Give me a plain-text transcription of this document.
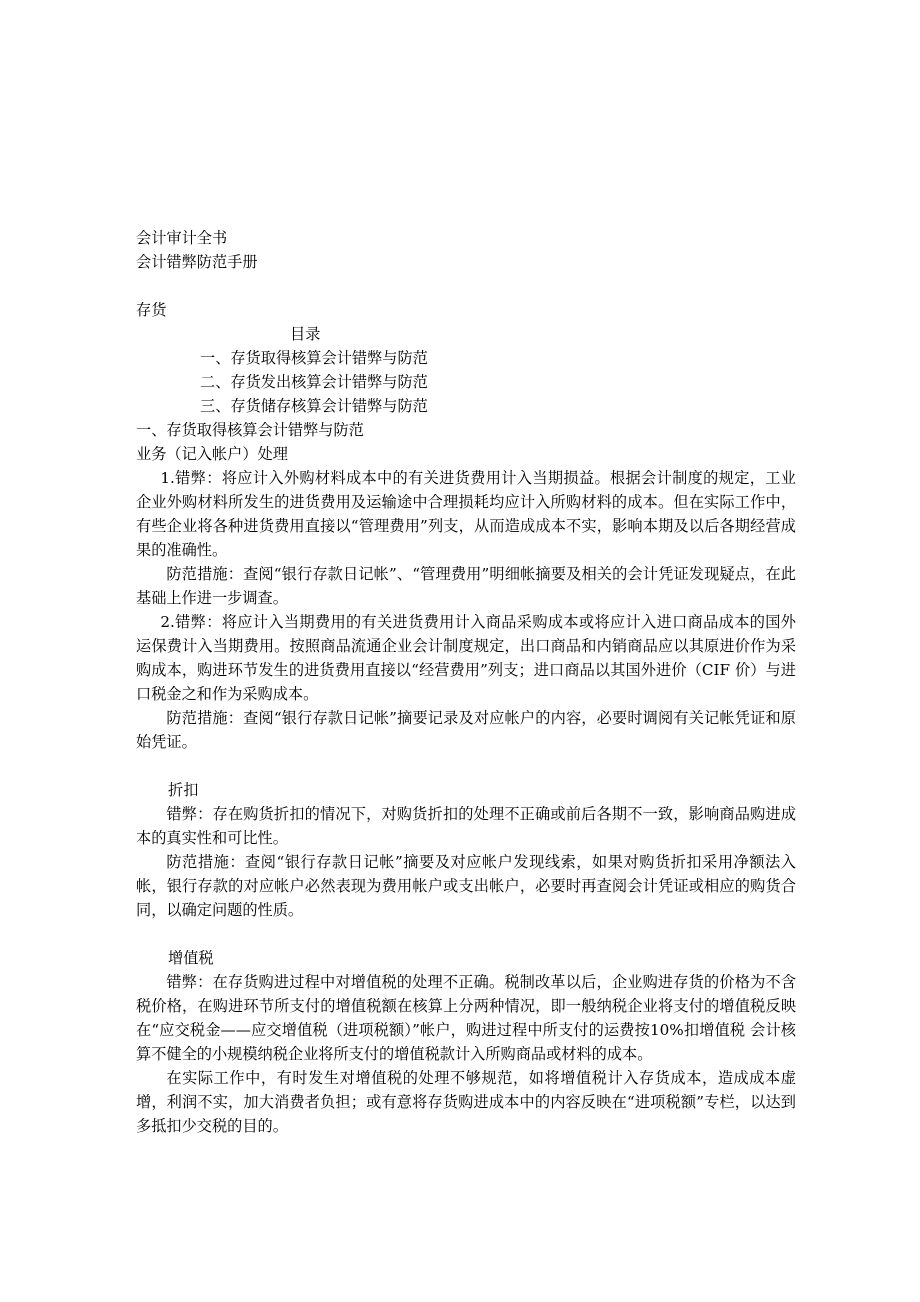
会计审计全书
会计错弊防范手册
存货
目录
一、存货取得核算会计错弊与防范
二、存货发出核算会计错弊与防范
三、存货储存核算会计错弊与防范
一、存货取得核算会计错弊与防范
业务（记入帐户）处理
1.错弊：将应计入外购材料成本中的有关进货费用计入当期损益。根据会计制度的规定，工业企业外购材料所发生的进货费用及运输途中合理损耗均应计入所购材料的成本。但在实际工作中，有些企业将各种进货费用直接以“管理费用”列支，从而造成成本不实，影响本期及以后各期经营成果的准确性。
防范措施：查阅“银行存款日记帐”、“管理费用”明细帐摘要及相关的会计凭证发现疑点，在此基础上作进一步调查。
2.错弊：将应计入当期费用的有关进货费用计入商品采购成本或将应计入进口商品成本的国外运保费计入当期费用。按照商品流通企业会计制度规定，出口商品和内销商品应以其原进价作为采购成本，购进环节发生的进货费用直接以“经营费用”列支；进口商品以其国外进价（CIF 价）与进口税金之和作为采购成本。
防范措施：查阅“银行存款日记帐”摘要记录及对应帐户的内容，必要时调阅有关记帐凭证和原始凭证。
折扣
错弊：存在购货折扣的情况下，对购货折扣的处理不正确或前后各期不一致，影响商品购进成本的真实性和可比性。
防范措施：查阅“银行存款日记帐”摘要及对应帐户发现线索，如果对购货折扣采用净额法入帐，银行存款的对应帐户必然表现为费用帐户或支出帐户，必要时再查阅会计凭证或相应的购货合同，以确定问题的性质。
增值税
错弊：在存货购进过程中对增值税的处理不正确。税制改革以后，企业购进存货的价格为不含税价格，在购进环节所支付的增值税额在核算上分两种情况，即一般纳税企业将支付的增值税反映在“应交税金——应交增值税（进项税额）”帐户，购进过程中所支付的运费按10%扣增值税 会计核算不健全的小规模纳税企业将所支付的增值税款计入所购商品或材料的成本。
在实际工作中，有时发生对增值税的处理不够规范，如将增值税计入存货成本，造成成本虚增，利润不实，加大消费者负担；或有意将存货购进成本中的内容反映在“进项税额”专栏，以达到多抵扣少交税的目的。
